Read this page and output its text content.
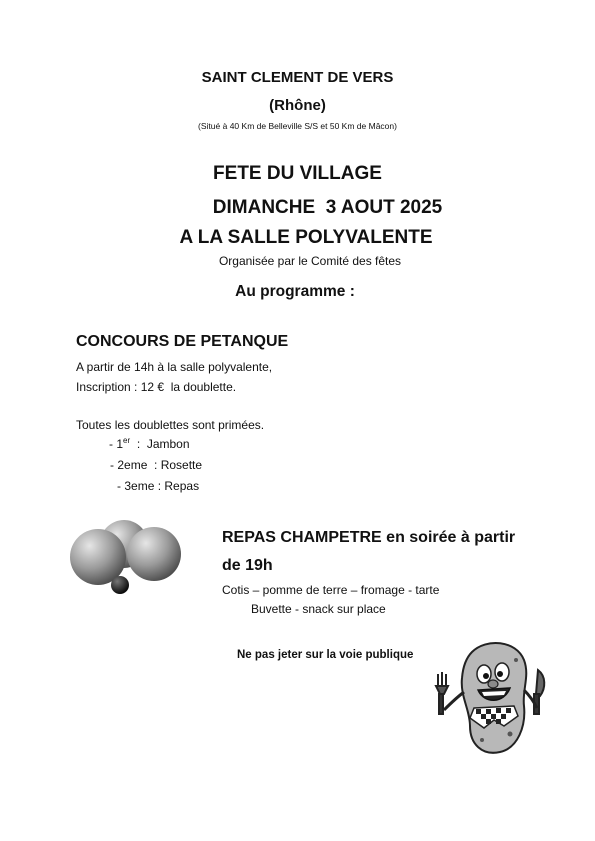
SAINT CLEMENT DE VERS
(Rhône)
(Situé à 40 Km de Belleville S/S et 50 Km de Mâcon)
FETE DU VILLAGE
DIMANCHE  3 AOUT 2025
A LA SALLE POLYVALENTE
Organisée par le Comité des fêtes
Au programme :
CONCOURS DE PETANQUE
A partir de 14h à la salle polyvalente,
Inscription : 12 €  la doublette.
Toutes les doublettes sont primées.
- 1er  :  Jambon
- 2eme  : Rosette
- 3eme : Repas
REPAS CHAMPETRE en soirée à partir
de 19h
Cotis – pomme de terre – fromage - tarte
Buvette - snack sur place
Ne pas jeter sur la voie publique
